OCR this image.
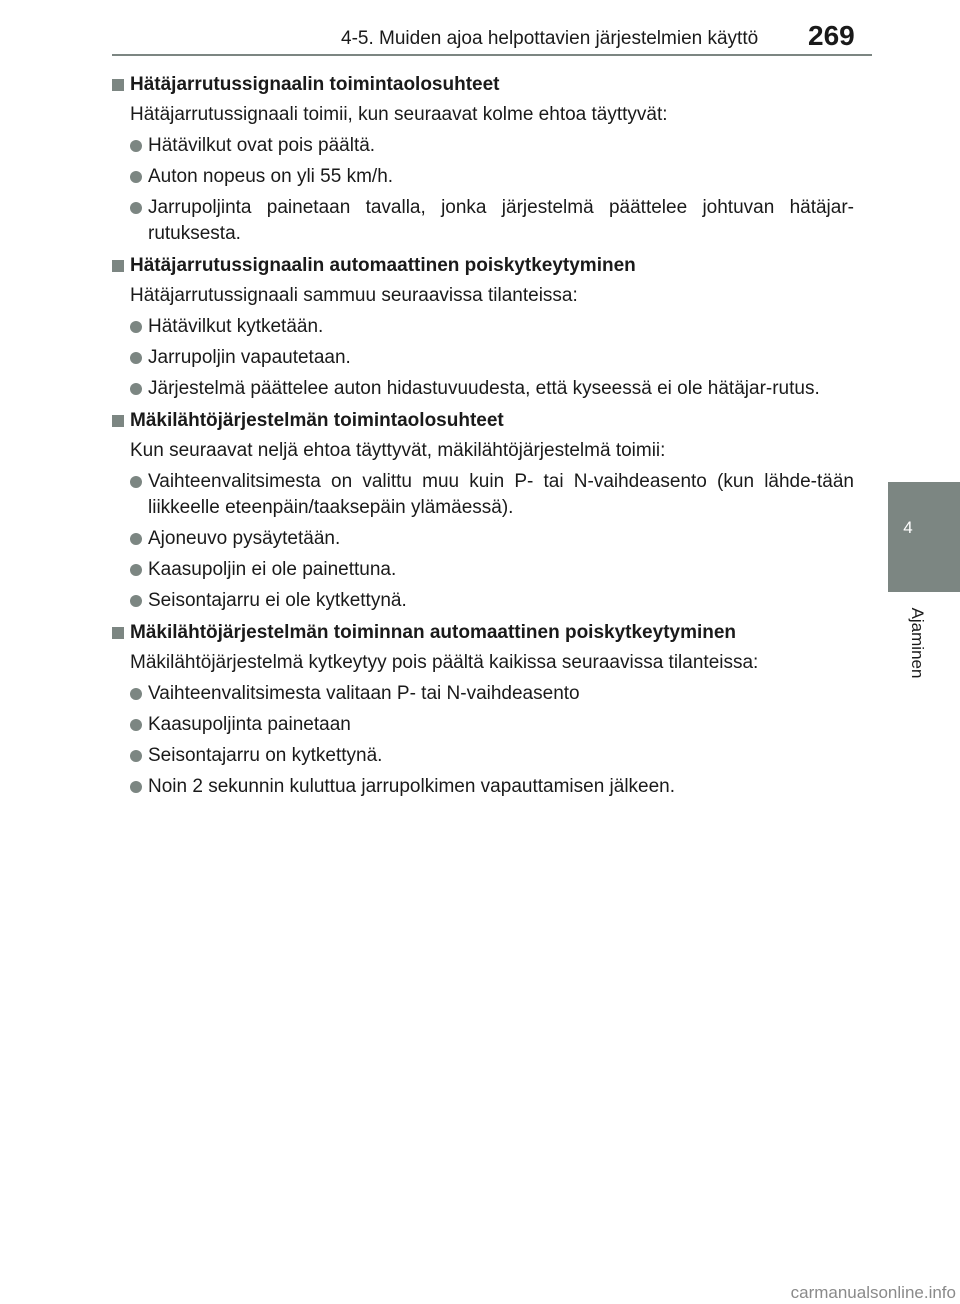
4-5. Muiden ajoa helpottavien järjestelmien käyttö 269
4
Ajaminen
Hätäjarrutussignaalin toimintaolosuhteet
Hätäjarrutussignaali toimii, kun seuraavat kolme ehtoa täyttyvät:
Hätävilkut ovat pois päältä.
Auton nopeus on yli 55 km/h.
Jarrupoljinta painetaan tavalla, jonka järjestelmä päättelee johtuvan hätäjar-rutuksesta.
Hätäjarrutussignaalin automaattinen poiskytkeytyminen
Hätäjarrutussignaali sammuu seuraavissa tilanteissa:
Hätävilkut kytketään.
Jarrupoljin vapautetaan.
Järjestelmä päättelee auton hidastuvuudesta, että kyseessä ei ole hätäjar-rutus.
Mäkilähtöjärjestelmän toimintaolosuhteet
Kun seuraavat neljä ehtoa täyttyvät, mäkilähtöjärjestelmä toimii:
Vaihteenvalitsimesta on valittu muu kuin P- tai N-vaihdeasento (kun lähde-tään liikkeelle eteenpäin/taaksepäin ylämäessä).
Ajoneuvo pysäytetään.
Kaasupoljin ei ole painettuna.
Seisontajarru ei ole kytkettynä.
Mäkilähtöjärjestelmän toiminnan automaattinen poiskytkeytyminen
Mäkilähtöjärjestelmä kytkeytyy pois päältä kaikissa seuraavissa tilanteissa:
Vaihteenvalitsimesta valitaan P- tai N-vaihdeasento
Kaasupoljinta painetaan
Seisontajarru on kytkettynä.
Noin 2 sekunnin kuluttua jarrupolkimen vapauttamisen jälkeen.
carmanualsonline.info
